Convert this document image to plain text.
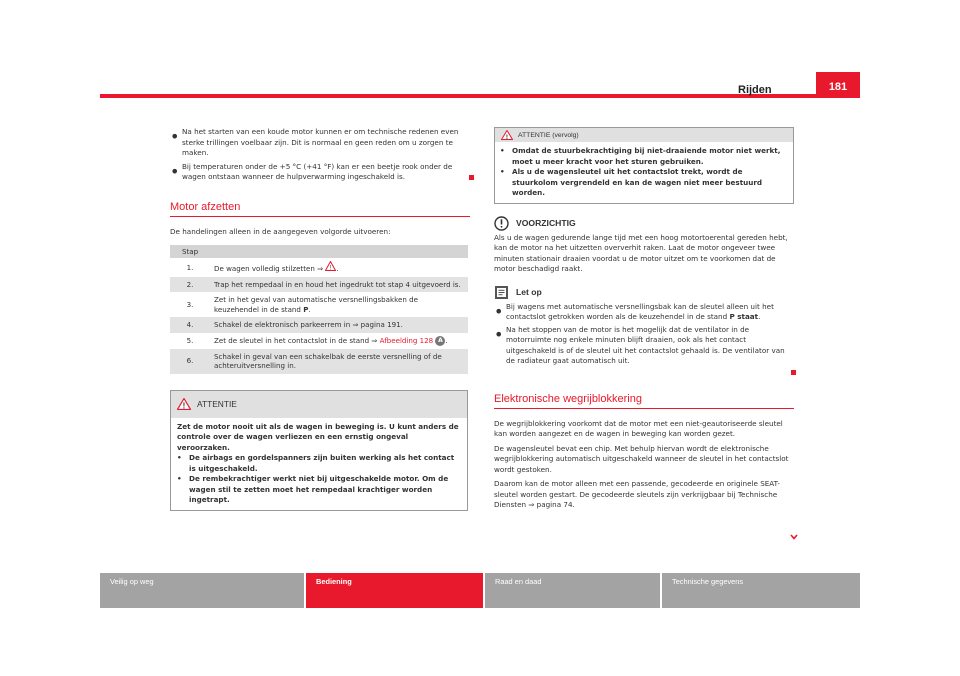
Rijden	181
• Na het starten van een koude motor kunnen er om technische redenen even sterke trillingen voelbaar zijn. Dit is normaal en geen reden om u zorgen te maken.

• Bij temperaturen onder de +5 °C (+41 °F) kan er een beetje rook onder de wagen ontstaan wanneer de hulpverwarming ingeschakeld is.

Motor afzetten

De handelingen alleen in de aangegeven volgorde uitvoeren:

Stap	
1.	De wagen volledig stilzetten ⇒ ! .
2.	Trap het rempedaal in en houd het ingedrukt tot stap 4 uitgevoerd is.
3.	Zet in het geval van automatische versnellingsbakken de keuzehendel in de stand P.
4.	Schakel de elektronisch parkeerrem in ⇒ pagina 191.
5.	Zet de sleutel in het contactslot in de stand ⇒ Afbeelding 128 A .
6.	Schakel in geval van een schakelbak de eerste versnelling of de achteruitversnelling in.
! ATTENTIE

Zet de motor nooit uit als de wagen in beweging is. U kunt anders de controle over de wagen verliezen en een ernstig ongeval veroorzaken.

•	De airbags en gordelspanners zijn buiten werking als het contact is uitgeschakeld.

•	De rembekrachtiger werkt niet bij uitgeschakelde motor. Om de wagen stil te zetten moet het rempedaal krachtiger worden ingetrapt.

! ATTENTIE (vervolg)
•	Omdat de stuurbekrachtiging bij niet-draaiende motor niet werkt, moet u meer kracht voor het sturen gebruiken.

•	Als u de wagensleutel uit het contactslot trekt, wordt de stuurkolom vergrendeld en kan de wagen niet meer bestuurd worden.

VOORZICHTIG

Als u de wagen gedurende lange tijd met een hoog motortoerental gereden hebt, kan de motor na het uitzetten oververhit raken. Laat de motor ongeveer twee minuten stationair draaien voordat u de motor uitzet om te voorkomen dat de motor beschadigd raakt.

Let op
• Bij wagens met automatische versnellingsbak kan de sleutel alleen uit het contactslot getrokken worden als de keuzehendel in de stand P staat.

• Na het stoppen van de motor is het mogelijk dat de ventilator in de motorruimte nog enkele minuten blijft draaien, ook als het contact uitgeschakeld is of de sleutel uit het contactslot gehaald is. De ventilator van de radiateur gaat automatisch uit.

Elektronische wegrijblokkering

De wegrijblokkering voorkomt dat de motor met een niet-geautoriseerde sleutel kan worden aangezet en de wagen in beweging kan worden gezet.

De wagensleutel bevat een chip. Met behulp hiervan wordt de elektronische wegrijblokkering automatisch uitgeschakeld wanneer de sleutel in het contactslot wordt gestoken.

Daarom kan de motor alleen met een passende, gecodeerde en originele SEAT-sleutel worden gestart. De gecodeerde sleutels zijn verkrijgbaar bij Technische Diensten ⇒ pagina 74.

Veilig op weg	Bediening	Raad en daad	Technische gegevens
